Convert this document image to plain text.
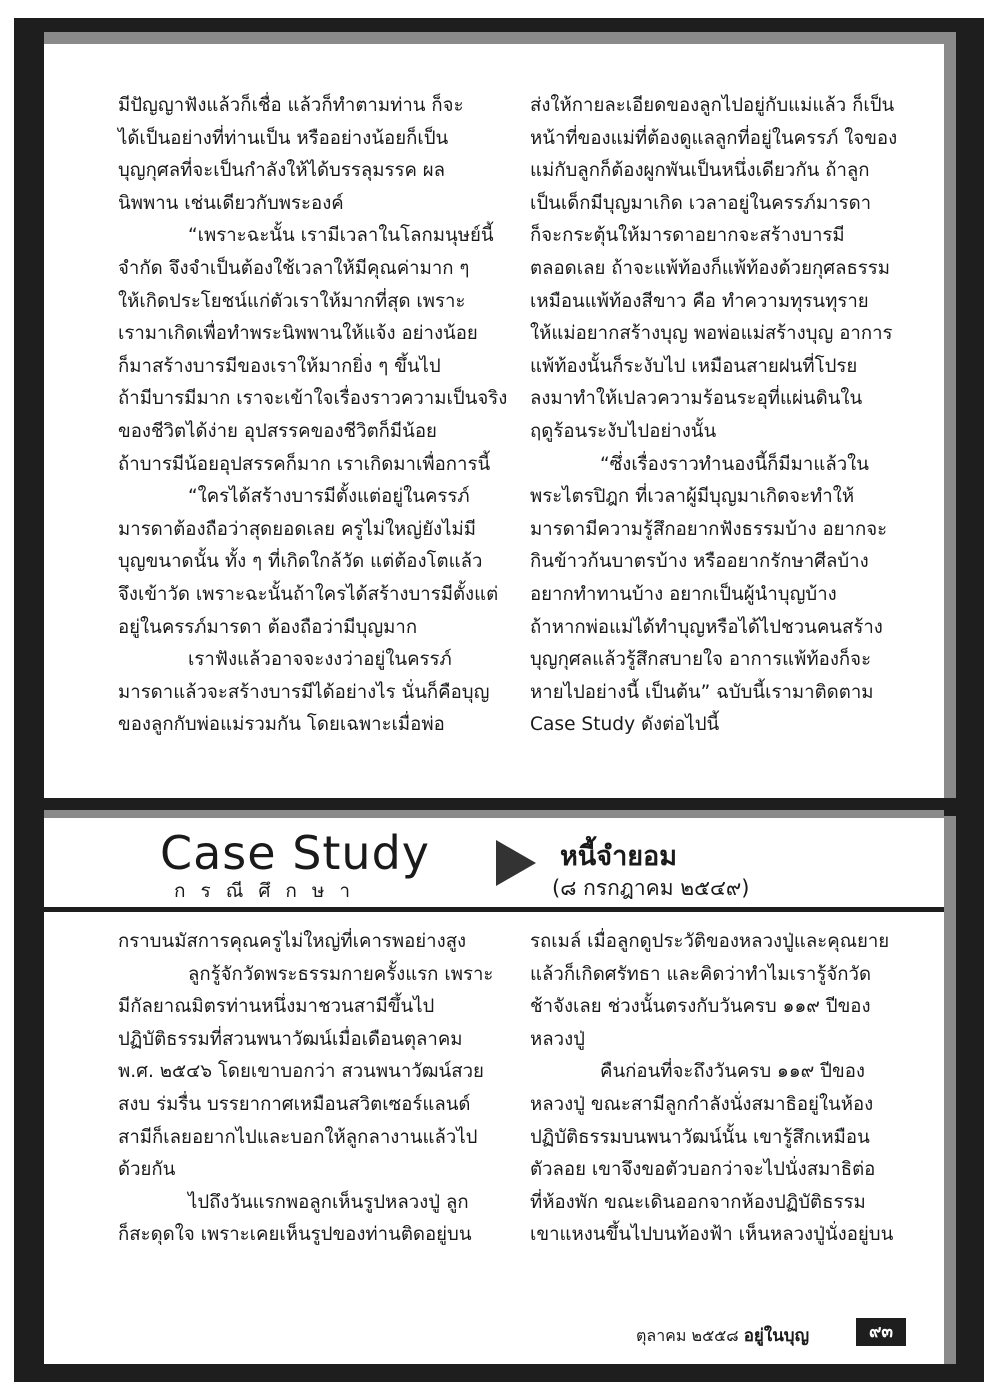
มีปัญญาฟังแล้วก็เชื่อ แล้วก็ทำตามท่าน ก็จะ

ได้เป็นอย่างที่ท่านเป็น หรืออย่างน้อยก็เป็น

บุญกุศลที่จะเป็นกำลังให้ได้บรรลุมรรค ผล

นิพพาน เช่นเดียวกับพระองค์

“เพราะฉะนั้น เรามีเวลาในโลกมนุษย์นี้

จำกัด จึงจำเป็นต้องใช้เวลาให้มีคุณค่ามาก ๆ

ให้เกิดประโยชน์แก่ตัวเราให้มากที่สุด เพราะ

เรามาเกิดเพื่อทำพระนิพพานให้แจ้ง อย่างน้อย

ก็มาสร้างบารมีของเราให้มากยิ่ง ๆ ขึ้นไป

ถ้ามีบารมีมาก เราจะเข้าใจเรื่องราวความเป็นจริง

ของชีวิตได้ง่าย อุปสรรคของชีวิตก็มีน้อย

ถ้าบารมีน้อยอุปสรรคก็มาก เราเกิดมาเพื่อการนี้

“ใครได้สร้างบารมีตั้งแต่อยู่ในครรภ์

มารดาต้องถือว่าสุดยอดเลย ครูไม่ใหญ่ยังไม่มี

บุญขนาดนั้น ทั้ง ๆ ที่เกิดใกล้วัด แต่ต้องโตแล้ว

จึงเข้าวัด เพราะฉะนั้นถ้าใครได้สร้างบารมีตั้งแต่

อยู่ในครรภ์มารดา ต้องถือว่ามีบุญมาก

เราฟังแล้วอาจจะงงว่าอยู่ในครรภ์

มารดาแล้วจะสร้างบารมีได้อย่างไร นั่นก็คือบุญ

ของลูกกับพ่อแม่รวมกัน โดยเฉพาะเมื่อพ่อ

ส่งให้กายละเอียดของลูกไปอยู่กับแม่แล้ว ก็เป็น

หน้าที่ของแม่ที่ต้องดูแลลูกที่อยู่ในครรภ์ ใจของ

แม่กับลูกก็ต้องผูกพันเป็นหนึ่งเดียวกัน ถ้าลูก

เป็นเด็กมีบุญมาเกิด เวลาอยู่ในครรภ์มารดา

ก็จะกระตุ้นให้มารดาอยากจะสร้างบารมี

ตลอดเลย ถ้าจะแพ้ท้องก็แพ้ท้องด้วยกุศลธรรม

เหมือนแพ้ท้องสีขาว คือ ทำความทุรนทุราย

ให้แม่อยากสร้างบุญ พอพ่อแม่สร้างบุญ อาการ

แพ้ท้องนั้นก็ระงับไป เหมือนสายฝนที่โปรย

ลงมาทำให้เปลวความร้อนระอุที่แผ่นดินใน

ฤดูร้อนระงับไปอย่างนั้น

“ซึ่งเรื่องราวทำนองนี้ก็มีมาแล้วใน

พระไตรปิฎก ที่เวลาผู้มีบุญมาเกิดจะทำให้

มารดามีความรู้สึกอยากฟังธรรมบ้าง อยากจะ

กินข้าวก้นบาตรบ้าง หรืออยากรักษาศีลบ้าง

อยากทำทานบ้าง อยากเป็นผู้นำบุญบ้าง

ถ้าหากพ่อแม่ได้ทำบุญหรือได้ไปชวนคนสร้าง

บุญกุศลแล้วรู้สึกสบายใจ อาการแพ้ท้องก็จะ

หายไปอย่างนี้ เป็นต้น” ฉบับนี้เรามาติดตาม

Case Study ดังต่อไปนี้

Case Study
กรณีศึกษา
หนี้จำยอม
(๘ กรกฎาคม ๒๕๔๙)

กราบนมัสการคุณครูไม่ใหญ่ที่เคารพอย่างสูง

ลูกรู้จักวัดพระธรรมกายครั้งแรก เพราะ

มีกัลยาณมิตรท่านหนึ่งมาชวนสามีขึ้นไป

ปฏิบัติธรรมที่สวนพนาวัฒน์เมื่อเดือนตุลาคม

พ.ศ. ๒๕๔๖ โดยเขาบอกว่า สวนพนาวัฒน์สวย

สงบ ร่มรื่น บรรยากาศเหมือนสวิตเซอร์แลนด์

สามีก็เลยอยากไปและบอกให้ลูกลางานแล้วไป

ด้วยกัน

ไปถึงวันแรกพอลูกเห็นรูปหลวงปู่ ลูก

ก็สะดุดใจ เพราะเคยเห็นรูปของท่านติดอยู่บน

รถเมล์ เมื่อลูกดูประวัติของหลวงปู่และคุณยาย

แล้วก็เกิดศรัทธา และคิดว่าทำไมเรารู้จักวัด

ช้าจังเลย ช่วงนั้นตรงกับวันครบ ๑๑๙ ปีของ

หลวงปู่

คืนก่อนที่จะถึงวันครบ ๑๑๙ ปีของ

หลวงปู่ ขณะสามีลูกกำลังนั่งสมาธิอยู่ในห้อง

ปฏิบัติธรรมบนพนาวัฒน์นั้น เขารู้สึกเหมือน

ตัวลอย เขาจึงขอตัวบอกว่าจะไปนั่งสมาธิต่อ

ที่ห้องพัก ขณะเดินออกจากห้องปฏิบัติธรรม

เขาแหงนขึ้นไปบนท้องฟ้า เห็นหลวงปู่นั่งอยู่บน

ตุลาคม ๒๕๕๘ อยู่ในบุญ	๙๓
